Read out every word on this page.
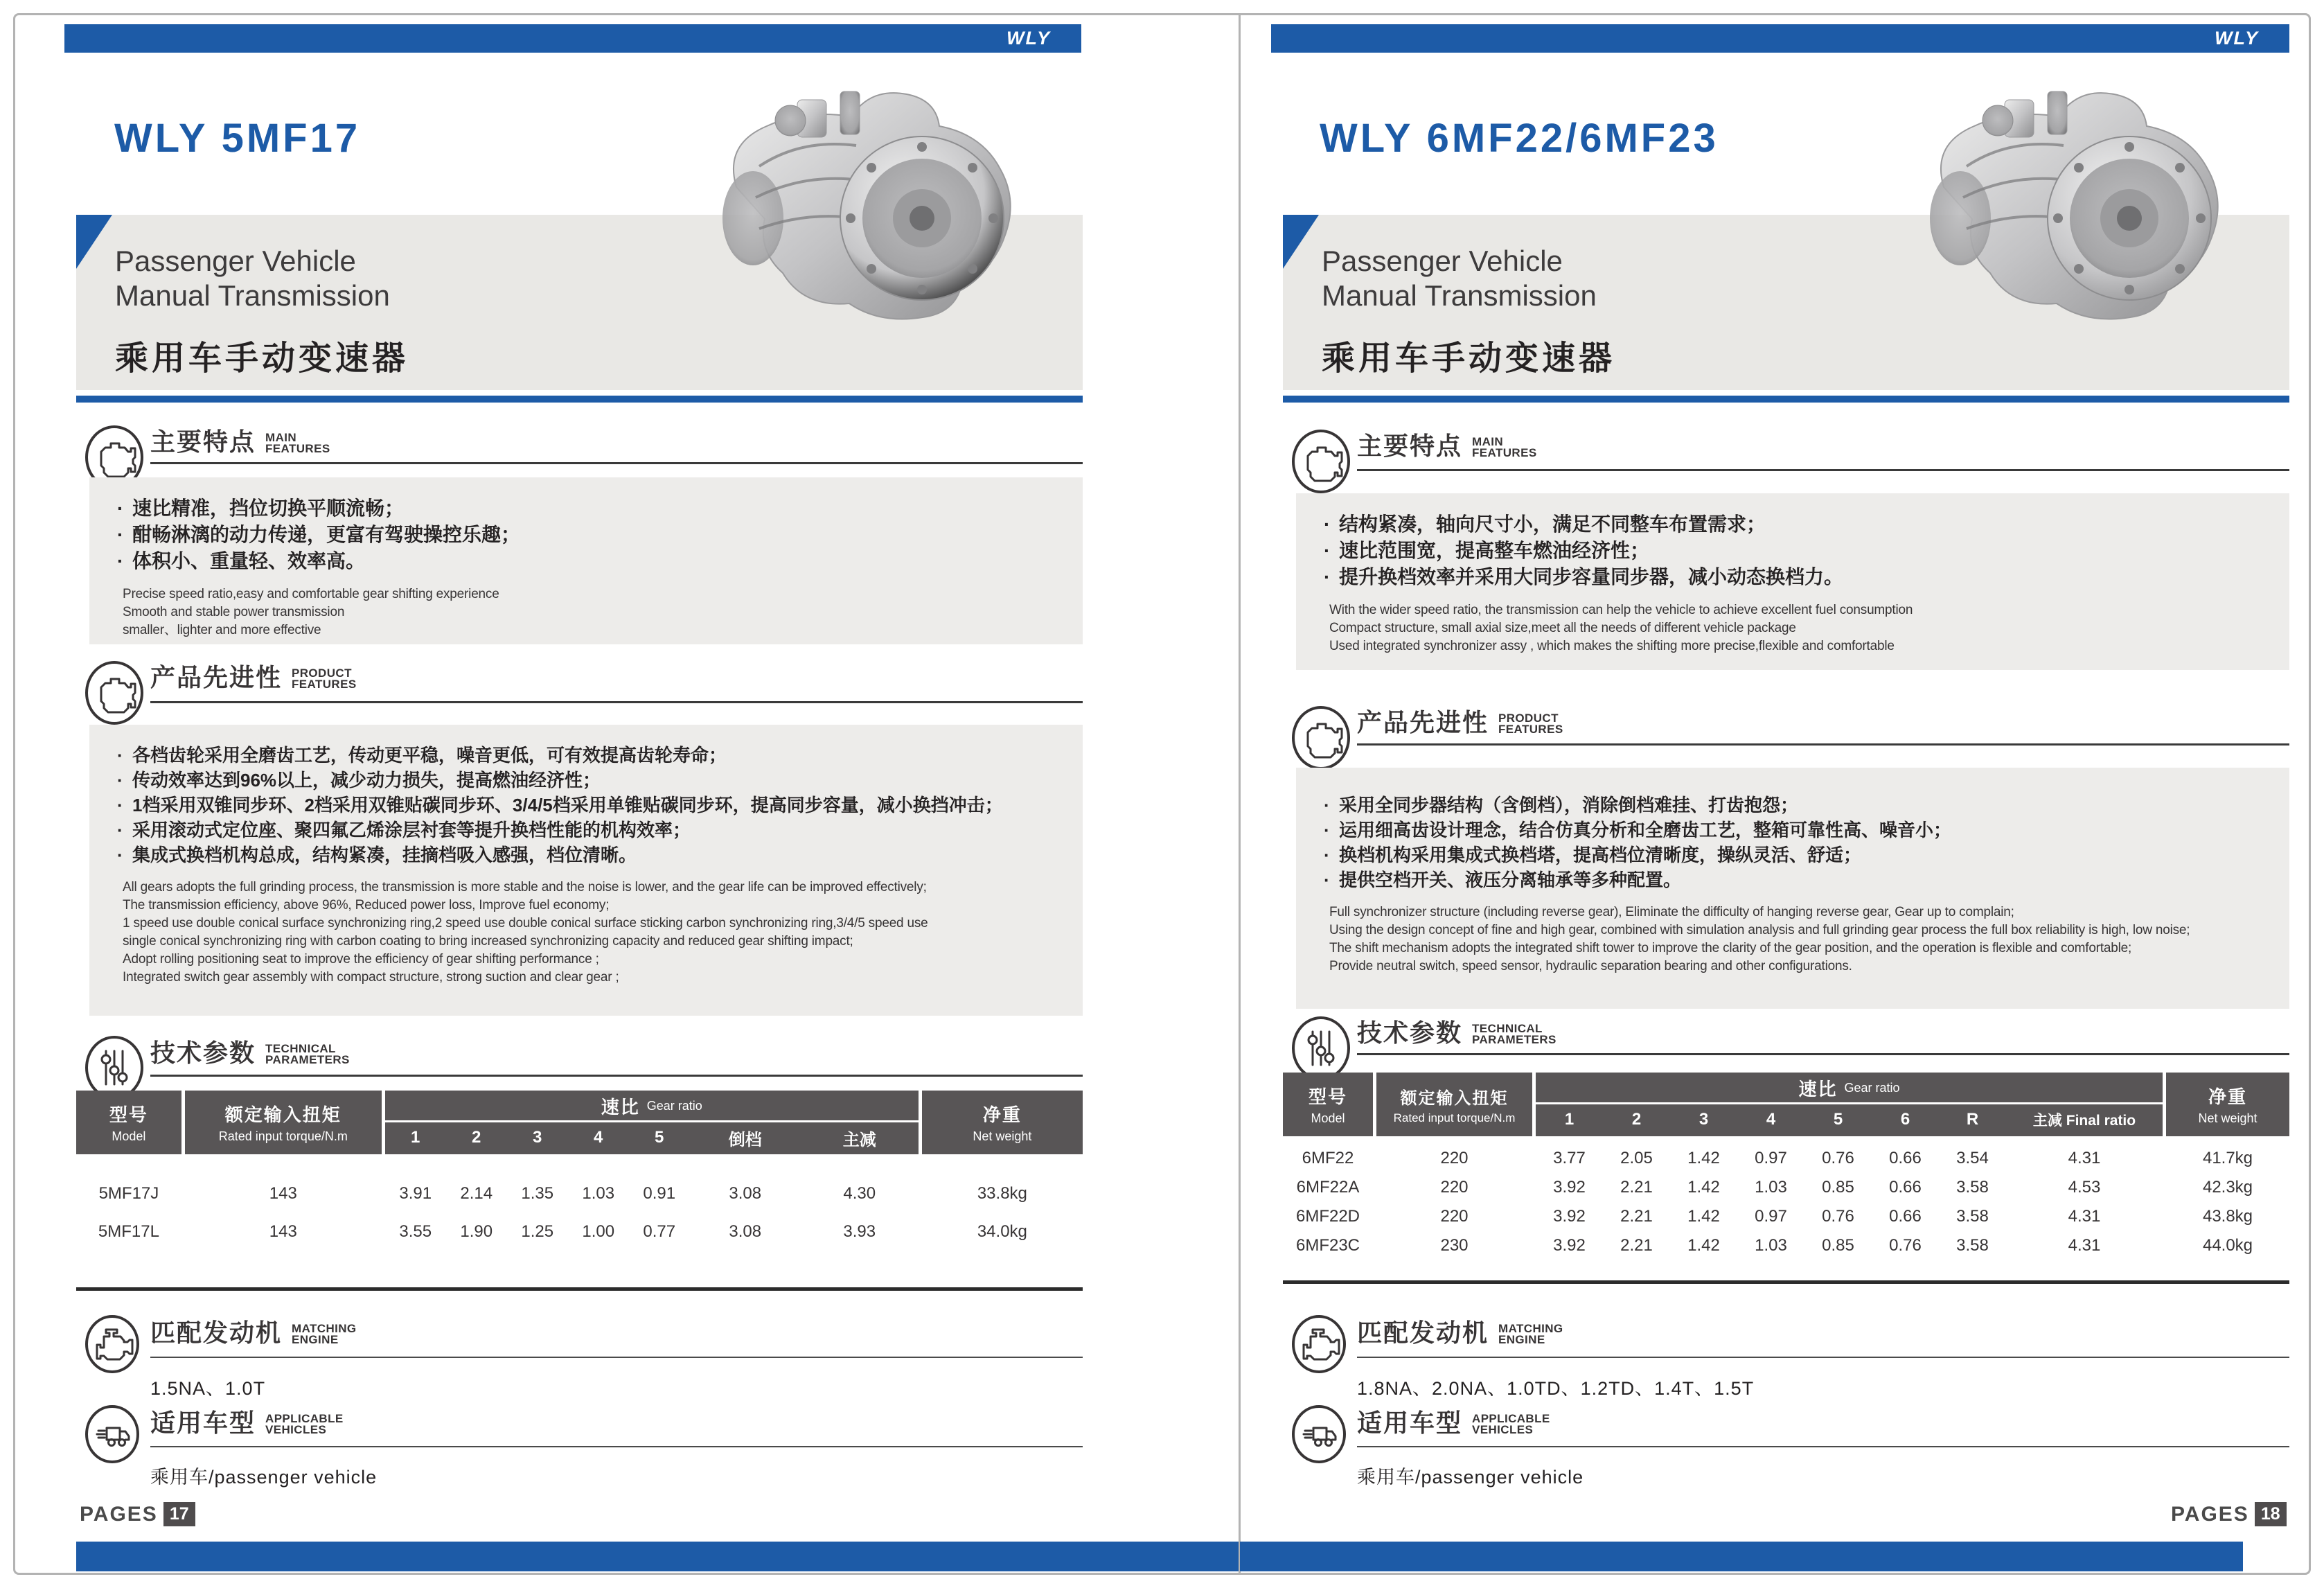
WLY
WLY 5MF17
Passenger Vehicle
Manual Transmission
乘用车手动变速器
主要特点 MAIN
FEATURES
· 速比精准，挡位切换平顺流畅；
· 酣畅淋漓的动力传递，更富有驾驶操控乐趣；
· 体积小、重量轻、效率高。
Precise speed ratio,easy and comfortable gear shifting experience
Smooth and stable power transmission
smaller、lighter and more effective
产品先进性 PRODUCT
FEATURES
· 各档齿轮采用全磨齿工艺，传动更平稳，噪音更低，可有效提高齿轮寿命；
· 传动效率达到96%以上，减少动力损失，提高燃油经济性；
· 1档采用双锥同步环、2档采用双锥贴碳同步环、3/4/5档采用单锥贴碳同步环，提高同步容量，减小换挡冲击；
· 采用滚动式定位座、聚四氟乙烯涂层衬套等提升换档性能的机构效率；
· 集成式换档机构总成，结构紧凑，挂摘档吸入感强，档位清晰。
All gears adopts the full grinding process, the transmission is more stable and the noise is lower, and the gear life can be improved effectively;
The transmission efficiency, above 96%, Reduced power loss, Improve fuel economy;
1 speed use double conical surface synchronizing ring,2 speed use double conical surface sticking carbon synchronizing ring,3/4/5 speed use
single conical synchronizing ring with carbon coating to bring increased synchronizing capacity and reduced gear shifting impact;
Adopt rolling positioning seat to improve the efficiency of gear shifting performance ;
Integrated switch gear assembly with compact structure, strong suction and clear gear ;
技术参数 TECHNICAL
PARAMETERS
型号
Model
额定输入扭矩
Rated input torque/N.m
速比 Gear ratio
1	2	3	4	5	倒档	主减
净重
Net weight
5MF17J	143	3.91	2.14	1.35	1.03	0.91	3.08	4.30	33.8kg
5MF17L	143	3.55	1.90	1.25	1.00	0.77	3.08	3.93	34.0kg
匹配发动机 MATCHING
ENGINE
1.5NA、1.0T
适用车型 APPLICABLE
VEHICLES
乘用车/passenger vehicle
PAGES 17
WLY
WLY 6MF22/6MF23
Passenger Vehicle
Manual Transmission
乘用车手动变速器
主要特点 MAIN
FEATURES
· 结构紧凑，轴向尺寸小，满足不同整车布置需求；
· 速比范围宽，提高整车燃油经济性；
· 提升换档效率并采用大同步容量同步器，减小动态换档力。
With the wider speed ratio, the transmission can help the vehicle to achieve excellent fuel consumption
Compact structure, small axial size,meet all the needs of different vehicle package
Used integrated synchronizer assy , which makes the shifting more precise,flexible and comfortable
产品先进性 PRODUCT
FEATURES
· 采用全同步器结构（含倒档），消除倒档难挂、打齿抱怨；
· 运用细高齿设计理念，结合仿真分析和全磨齿工艺，整箱可靠性高、噪音小；
· 换档机构采用集成式换档塔，提高档位清晰度，操纵灵活、舒适；
· 提供空档开关、液压分离轴承等多种配置。
Full synchronizer structure (including reverse gear), Eliminate the difficulty of hanging reverse gear, Gear up to complain;
Using the design concept of fine and high gear, combined with simulation analysis and full grinding gear process the full box reliability is high, low noise;
The shift mechanism adopts the integrated shift tower to improve the clarity of the gear position, and the operation is flexible and comfortable;
Provide neutral switch, speed sensor, hydraulic separation bearing and other configurations.
技术参数 TECHNICAL
PARAMETERS
型号
Model
额定输入扭矩
Rated input torque/N.m
速比 Gear ratio
1	2	3	4	5	6	R	主减 Final ratio
净重
Net weight
6MF22	220	3.77	2.05	1.42	0.97	0.76	0.66	3.54	4.31	41.7kg
6MF22A	220	3.92	2.21	1.42	1.03	0.85	0.66	3.58	4.53	42.3kg
6MF22D	220	3.92	2.21	1.42	0.97	0.76	0.66	3.58	4.31	43.8kg
6MF23C	230	3.92	2.21	1.42	1.03	0.85	0.76	3.58	4.31	44.0kg
匹配发动机 MATCHING
ENGINE
1.8NA、2.0NA、1.0TD、1.2TD、1.4T、1.5T
适用车型 APPLICABLE
VEHICLES
乘用车/passenger vehicle
PAGES 18
